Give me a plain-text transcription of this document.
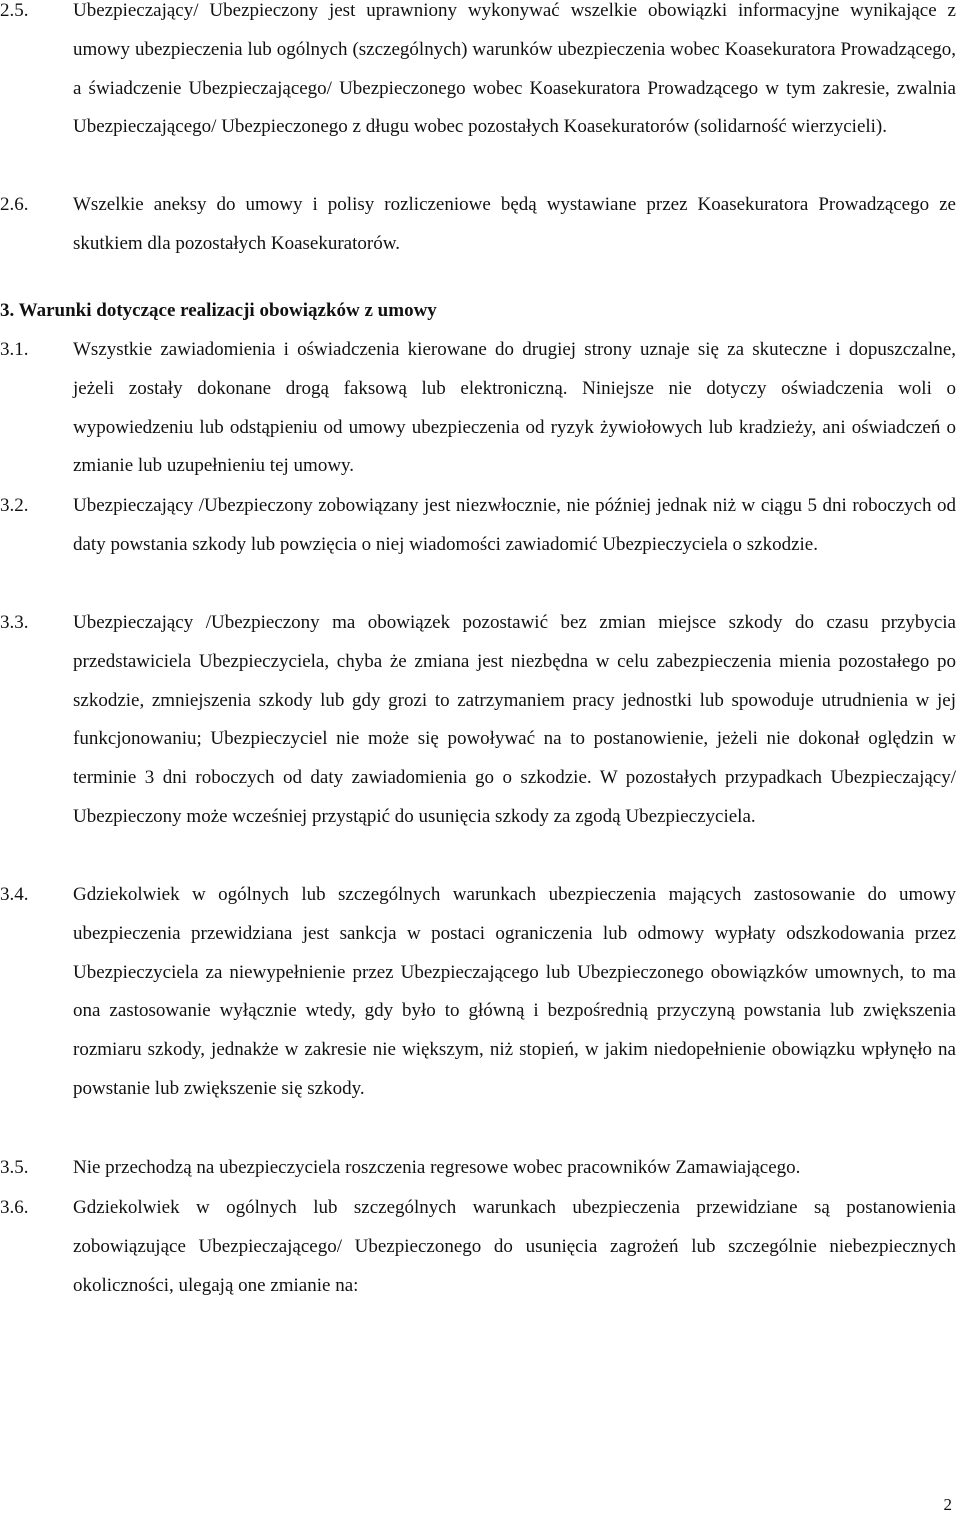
2.5. Ubezpieczający/ Ubezpieczony jest uprawniony wykonywać wszelkie obowiązki informacyjne wynikające z umowy ubezpieczenia lub ogólnych (szczególnych) warunków ubezpieczenia wobec Koasekuratora Prowadzącego, a świadczenie Ubezpieczającego/ Ubezpieczonego wobec Koasekuratora Prowadzącego w tym zakresie, zwalnia Ubezpieczającego/ Ubezpieczonego z długu wobec pozostałych Koasekuratorów (solidarność wierzycieli).
2.6. Wszelkie aneksy do umowy i polisy rozliczeniowe będą wystawiane przez Koasekuratora Prowadzącego ze skutkiem dla pozostałych Koasekuratorów.
3. Warunki dotyczące realizacji obowiązków z umowy
3.1. Wszystkie zawiadomienia i oświadczenia kierowane do drugiej strony uznaje się za skuteczne i dopuszczalne, jeżeli zostały dokonane drogą faksową lub elektroniczną. Niniejsze nie dotyczy oświadczenia woli o wypowiedzeniu lub odstąpieniu od umowy ubezpieczenia od ryzyk żywiołowych lub kradzieży, ani oświadczeń o zmianie lub uzupełnieniu tej umowy.
3.2. Ubezpieczający /Ubezpieczony zobowiązany jest niezwłocznie, nie później jednak niż w ciągu 5 dni roboczych od daty powstania szkody lub powzięcia o niej wiadomości zawiadomić Ubezpieczyciela o szkodzie.
3.3. Ubezpieczający /Ubezpieczony ma obowiązek pozostawić bez zmian miejsce szkody do czasu przybycia przedstawiciela Ubezpieczyciela, chyba że zmiana jest niezbędna w celu zabezpieczenia mienia pozostałego po szkodzie, zmniejszenia szkody lub gdy grozi to zatrzymaniem pracy jednostki lub spowoduje utrudnienia w jej funkcjonowaniu; Ubezpieczyciel nie może się powoływać na to postanowienie, jeżeli nie dokonał oględzin w terminie 3 dni roboczych od daty zawiadomienia go o szkodzie. W pozostałych przypadkach Ubezpieczający/ Ubezpieczony może wcześniej przystąpić do usunięcia szkody za zgodą Ubezpieczyciela.
3.4. Gdziekolwiek w ogólnych lub szczególnych warunkach ubezpieczenia mających zastosowanie do umowy ubezpieczenia przewidziana jest sankcja w postaci ograniczenia lub odmowy wypłaty odszkodowania przez Ubezpieczyciela za niewypełnienie przez Ubezpieczającego lub Ubezpieczonego obowiązków umownych, to ma ona zastosowanie wyłącznie wtedy, gdy było to główną i bezpośrednią przyczyną powstania lub zwiększenia rozmiaru szkody, jednakże w zakresie nie większym, niż stopień, w jakim niedopełnienie obowiązku wpłynęło na powstanie lub zwiększenie się szkody.
3.5. Nie przechodzą na ubezpieczyciela roszczenia regresowe wobec pracowników Zamawiającego.
3.6. Gdziekolwiek w ogólnych lub szczególnych warunkach ubezpieczenia przewidziane są postanowienia zobowiązujące Ubezpieczającego/ Ubezpieczonego do usunięcia zagrożeń lub szczególnie niebezpiecznych okoliczności, ulegają one zmianie na:
2
